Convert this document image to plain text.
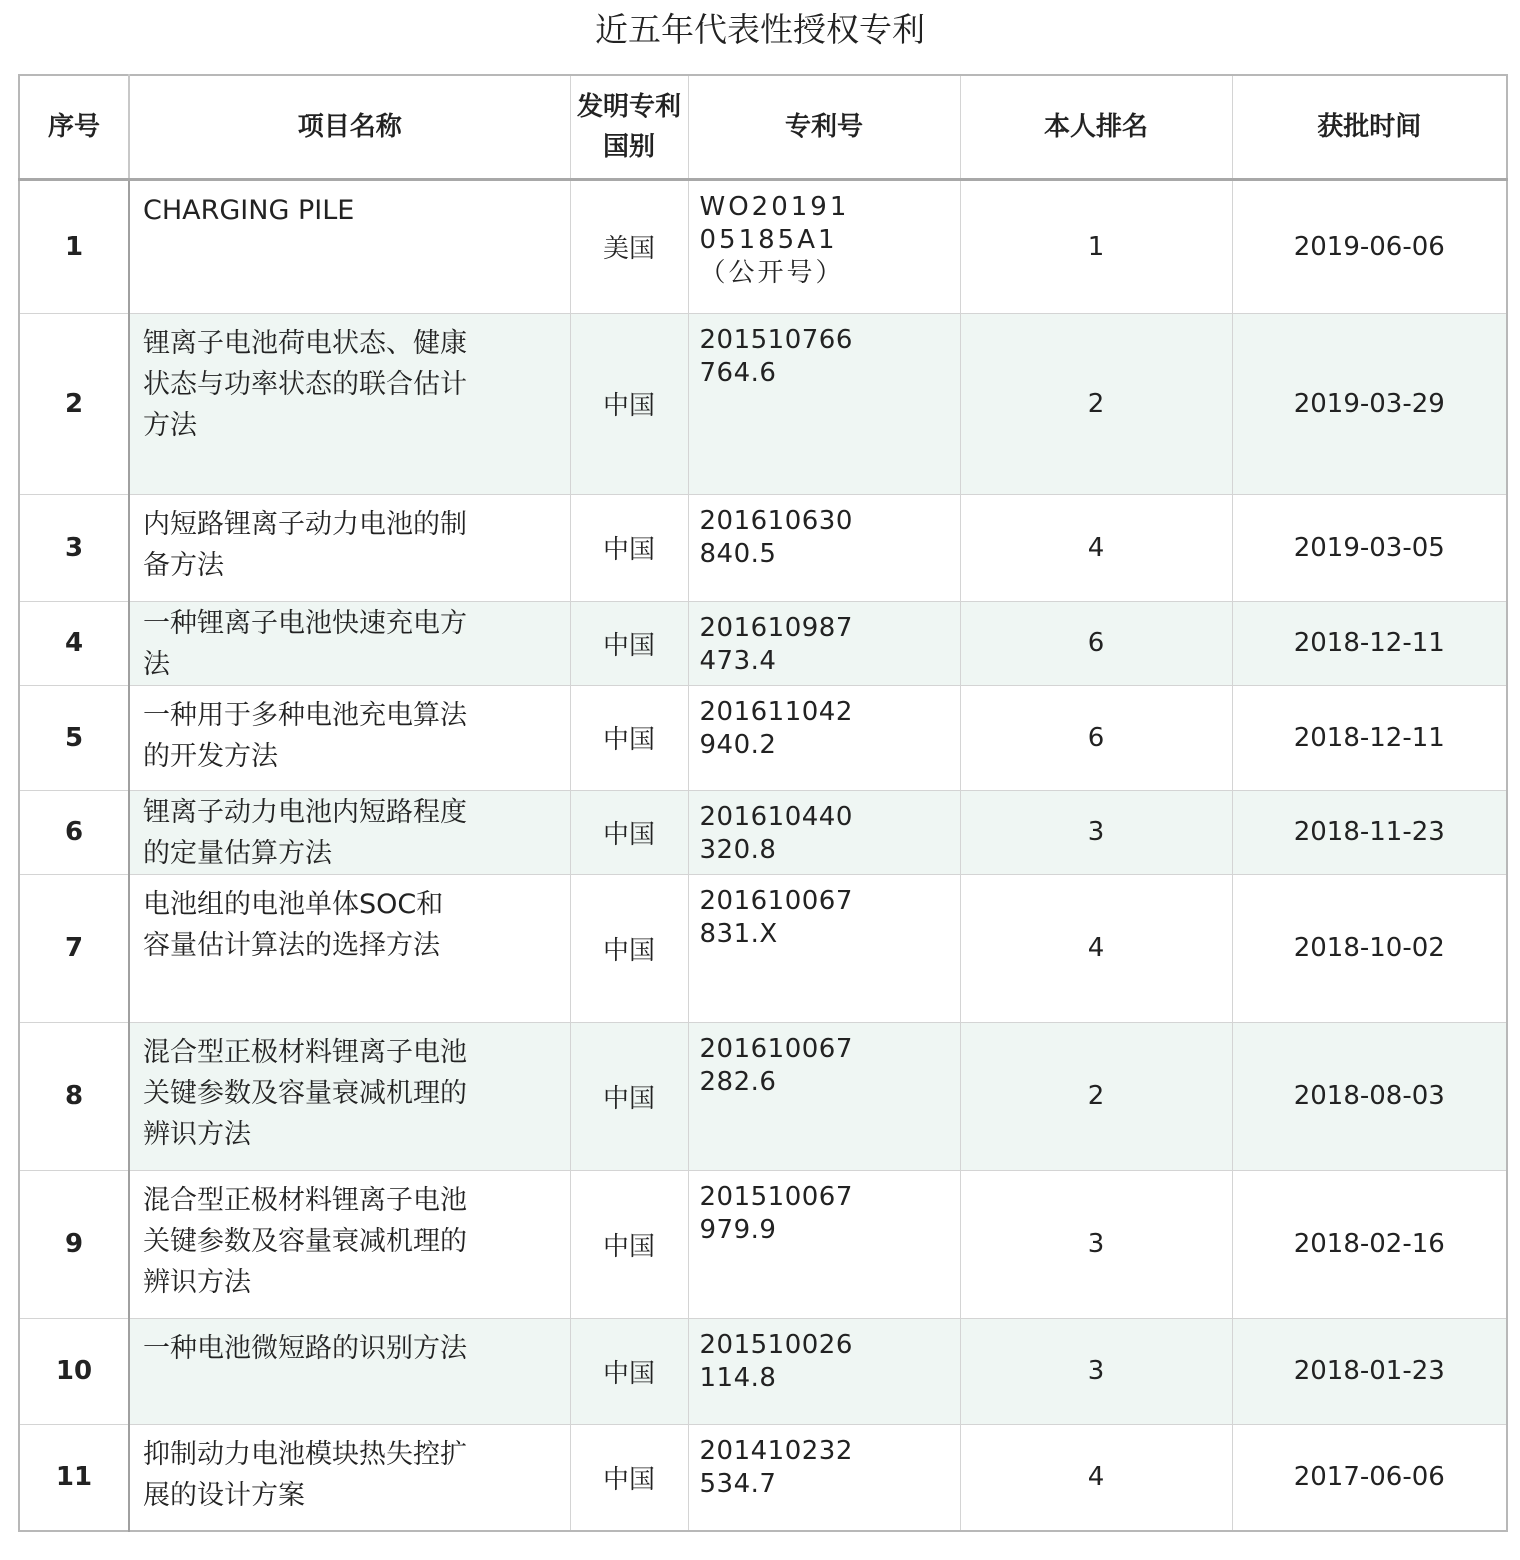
近五年代表性授权专利
序号	项目名称	发明专利国别	专利号	本人排名	获批时间
1	CHARGING PILE	美国	WO2019105185A1（公开号）	1	2019-06-06
2	锂离子电池荷电状态、健康状态与功率状态的联合估计方法	中国	201510766764.6	2	2019-03-29
3	内短路锂离子动力电池的制备方法	中国	201610630840.5	4	2019-03-05
4	一种锂离子电池快速充电方法	中国	201610987473.4	6	2018-12-11
5	一种用于多种电池充电算法的开发方法	中国	201611042940.2	6	2018-12-11
6	锂离子动力电池内短路程度的定量估算方法	中国	201610440320.8	3	2018-11-23
7	电池组的电池单体SOC和容量估计算法的选择方法	中国	201610067831.X	4	2018-10-02
8	混合型正极材料锂离子电池关键参数及容量衰减机理的辨识方法	中国	201610067282.6	2	2018-08-03
9	混合型正极材料锂离子电池关键参数及容量衰减机理的辨识方法	中国	201510067979.9	3	2018-02-16
10	一种电池微短路的识别方法	中国	201510026114.8	3	2018-01-23
11	抑制动力电池模块热失控扩展的设计方案	中国	201410232534.7	4	2017-06-06
